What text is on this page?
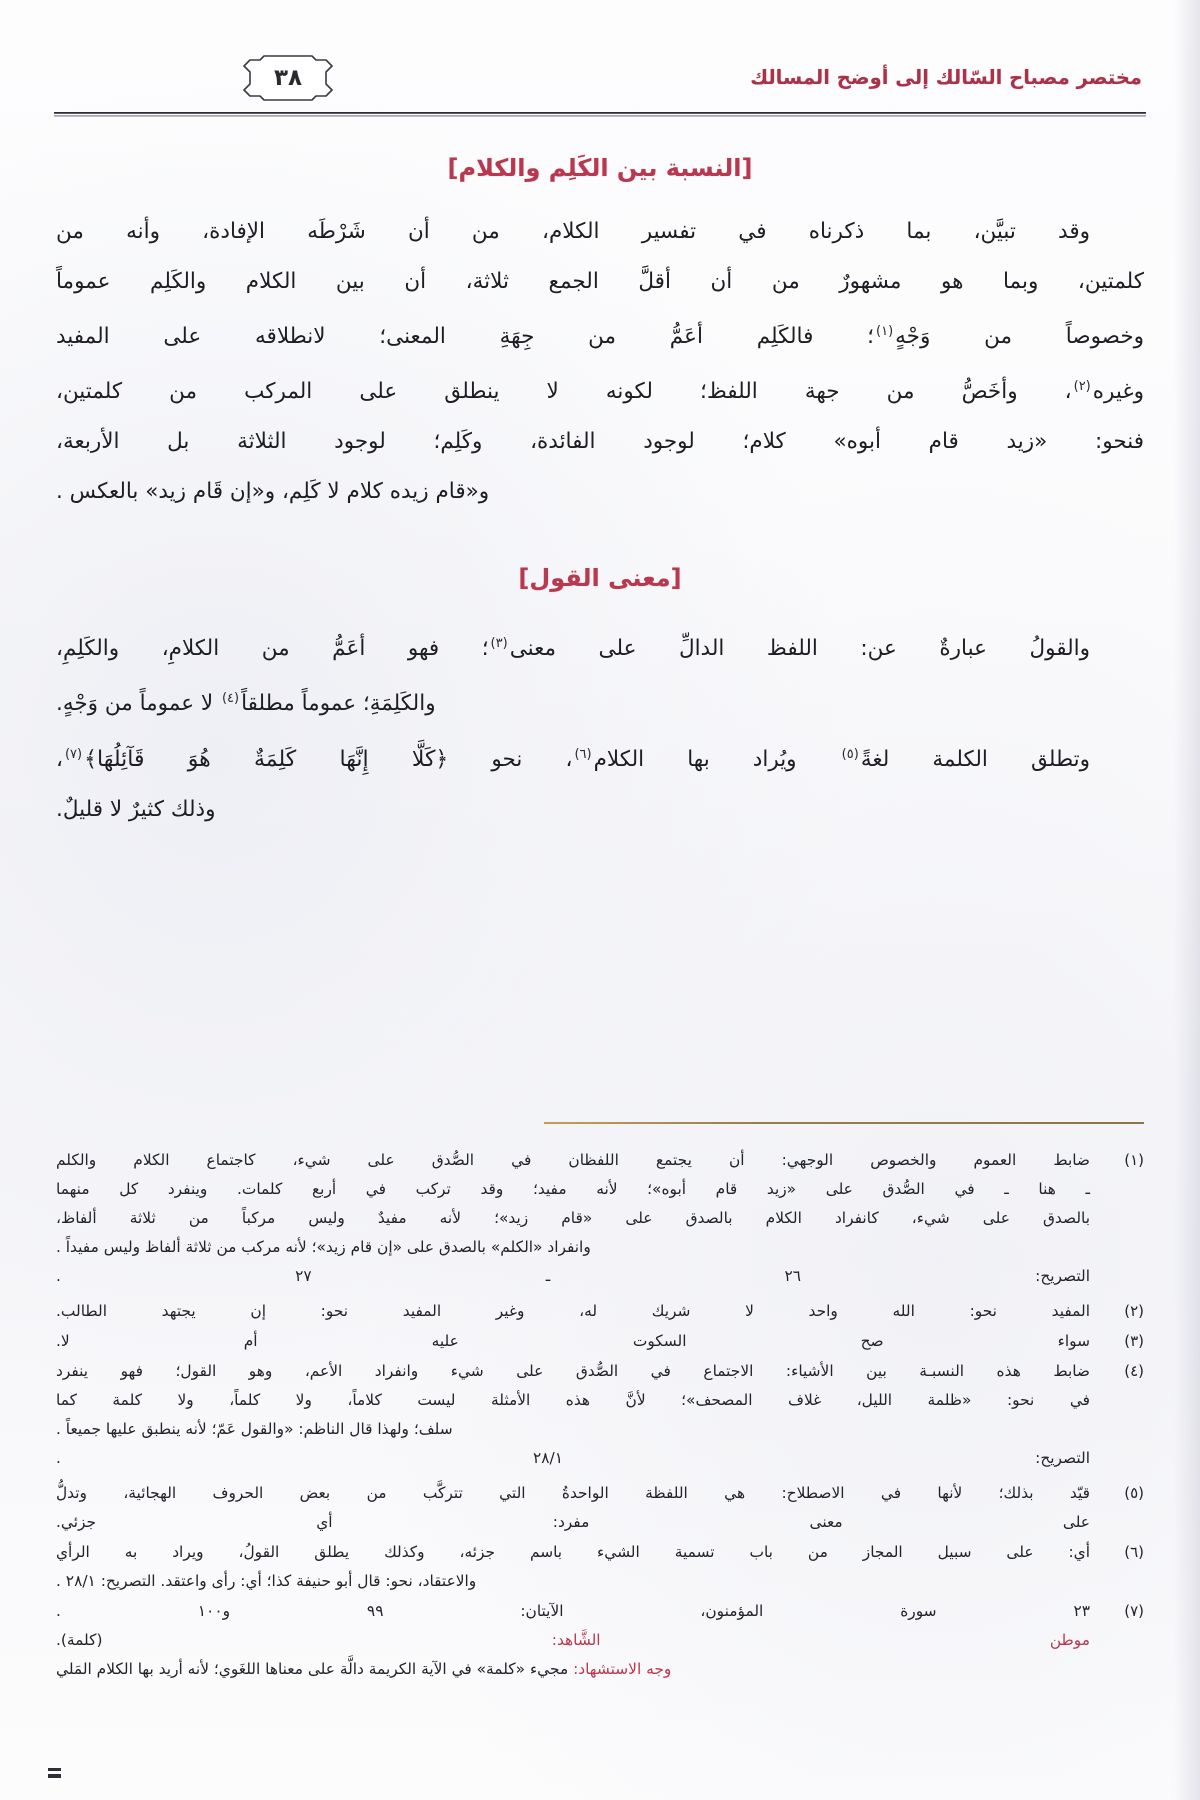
مختصر مصباح السّالك إلى أوضح المسالك
٣٨
[النسبة بين الكَلِم والكلام]

وقد تبيَّن، بما ذكرناه في تفسير الكلام، من أن شَرْطَه الإفادة، وأنه من

كلمتين، وبما هو مشهورٌ من أن أقلَّ الجمع ثلاثة، أن بين الكلام والكَلِم عموماً

وخصوصاً من وَجْهٍ$^{(١)}$؛ فالكَلِم أعَمُّ من جِهَةِ المعنى؛ لانطلاقه على المفيد

وغيره$^{(٢)}$، وأخَصُّ من جهة اللفظ؛ لكونه لا ينطلق على المركب من كلمتين،

فنحو: «زيد قام أبوه» كلام؛ لوجود الفائدة، وكَلِم؛ لوجود الثلاثة بل الأربعة،

و«قام زيده كلام لا كَلِم، و«إن قَام زيد» بالعكس .

[معنى القول]

والقولُ عبارةٌ عن: اللفظ الدالِّ على معنى$^{(٣)}$؛ فهو أعَمُّ من الكلامِ، والكَلِمِ،

والكَلِمَةِ؛ عموماً مطلقاً$^{(٤)}$ لا عموماً من وَجْهٍ.

وتطلق الكلمة لغةً$^{(٥)}$ ويُراد بها الكلام$^{(٦)}$، نحو ﴿كَلَّا إِنَّهَا كَلِمَةٌ هُوَ قَآئِلُهَا﴾$^{(٧)}$،

وذلك كثيرٌ لا قليلٌ.

(١)
ضابط العموم والخصوص الوجهي: أن يجتمع اللفظان في الصُّدق على شيء، كاجتماع الكلام والكلم
ـ هنا ـ في الصُّدق على «زيد قام أبوه»؛ لأنه مفيد؛ وقد تركب في أربع كلمات. وينفرد كل منهما
بالصدق على شيء، كانفراد الكلام بالصدق على «قام زيد»؛ لأنه مفيدٌ وليس مركباً من ثلاثة ألفاظ،
وانفراد «الكلم» بالصدق على «إن قام زيد»؛ لأنه مركب من ثلاثة ألفاظ وليس مفيداً .
التصريح: ٢٦ ـ ٢٧ .
(٢)
المفيد نحو: الله واحد لا شريك له، وغير المفيد نحو: إن يجتهد الطالب.
(٣)
سواء صح السكوت عليه أم لا.
(٤)
ضابط هذه النسبـة بين الأشياء: الاجتماع في الصُّدق على شيء وانفراد الأعم، وهو القول؛ فهو ينفرد
في نحو: «ظلمة الليل، غلاف المصحف»؛ لأنَّ هذه الأمثلة ليست كلاماً، ولا كلماً، ولا كلمة كما
سلف؛ ولهذا قال الناظم: «والقول عَمّ؛ لأنه ينطبق عليها جميعاً .
التصريح: ٢٨/١ .
(٥)
قيّد بذلك؛ لأنها في الاصطلاح: هي اللفظة الواحدةُ التي تتركَّب من بعض الحروف الهجائية، وتدلُّ
على معنى مفرد: أي جزئي.
(٦)
أي: على سبيل المجاز من باب تسمية الشيء باسم جزئه، وكذلك يطلق القولُ، ويراد به الرأي
والاعتقاد، نحو: قال أبو حنيفة كذا؛ أي: رأى واعتقد. التصريح: ٢٨/١ .
(٧)
٢٣ سورة المؤمنون، الآيتان: ٩٩ و١٠٠ .
موطن الشَّاهد: (كلمة).
وجه الاستشهاد: مجيء «كلمة» في الآية الكريمة دالَّة على معناها اللغَوي؛ لأنه أريد بها الكلام المَلي
